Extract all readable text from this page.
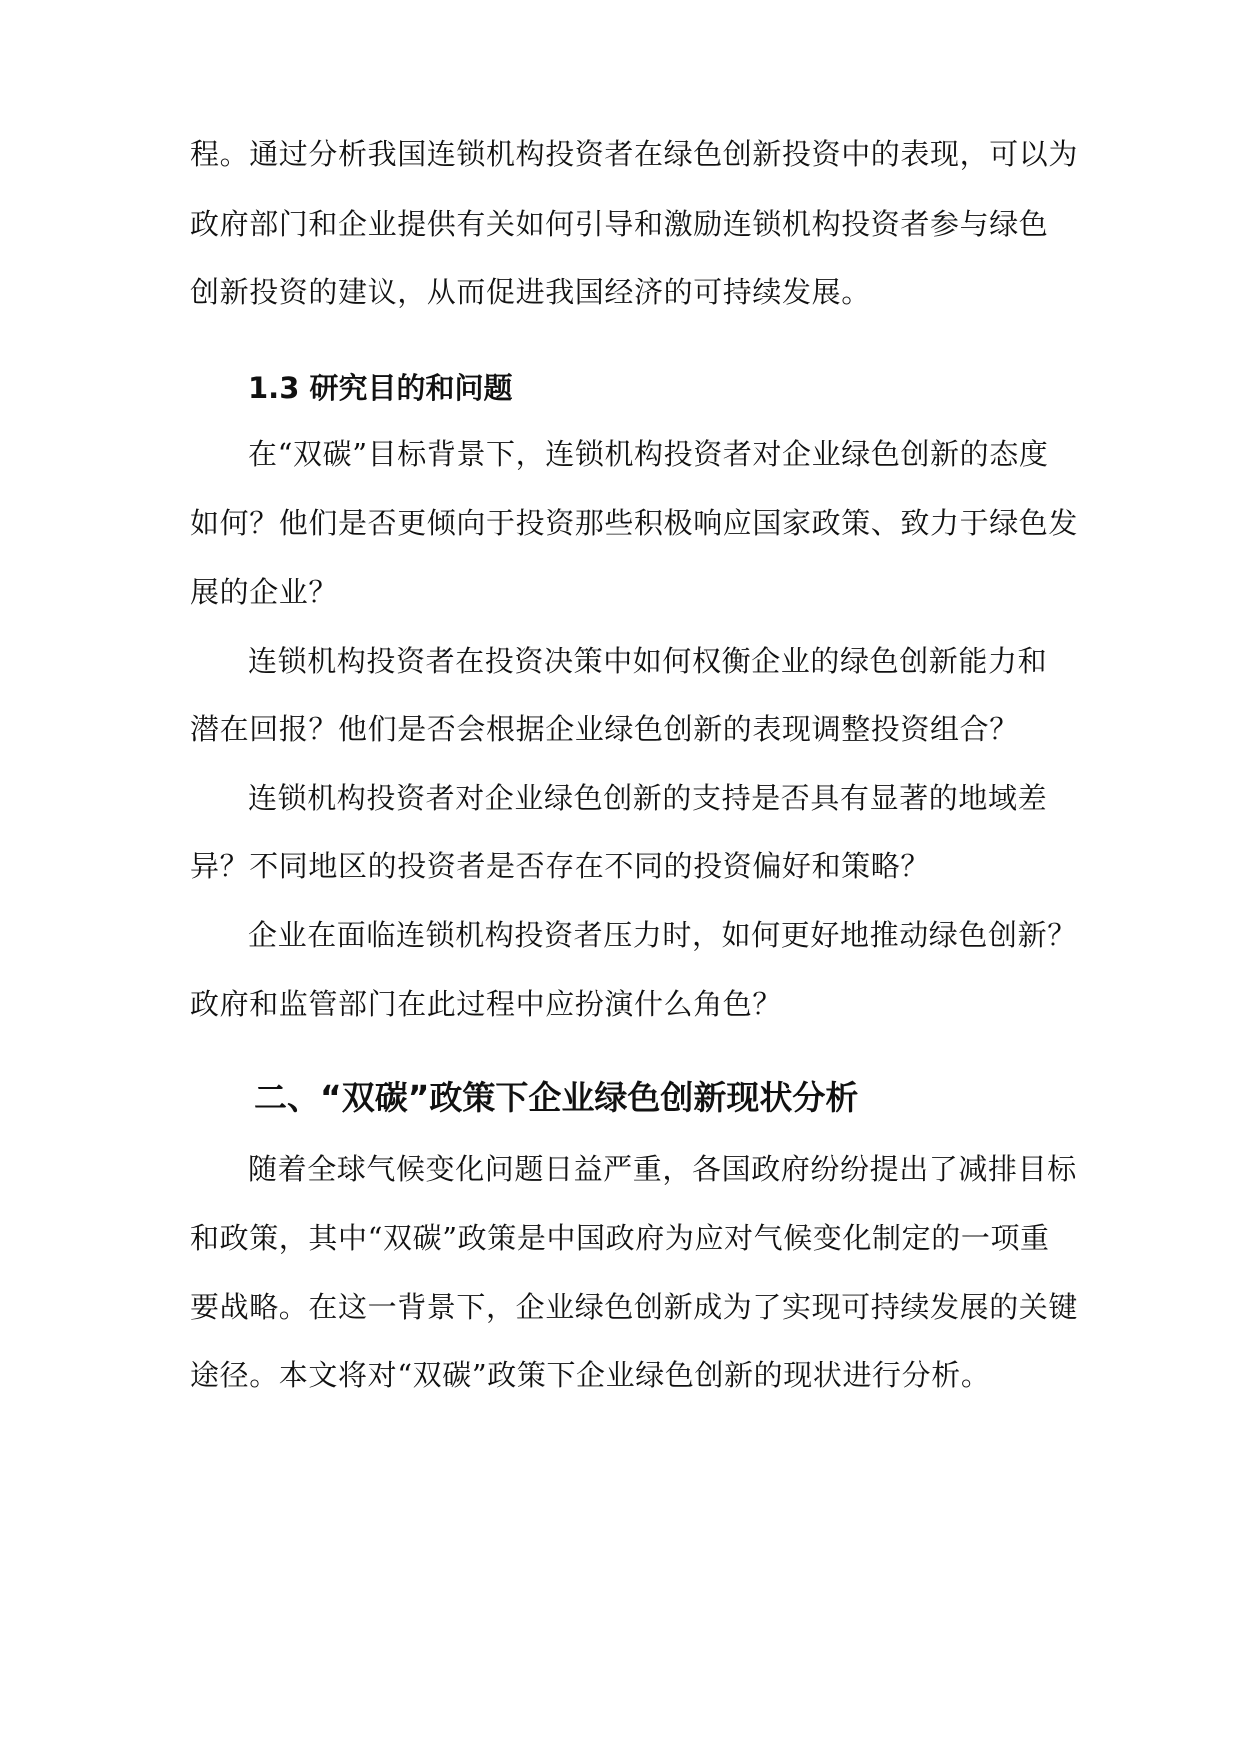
程。通过分析我国连锁机构投资者在绿色创新投资中的表现，可以为
政府部门和企业提供有关如何引导和激励连锁机构投资者参与绿色
创新投资的建议，从而促进我国经济的可持续发展。
1.3 研究目的和问题
在“双碳”目标背景下，连锁机构投资者对企业绿色创新的态度
如何？他们是否更倾向于投资那些积极响应国家政策、致力于绿色发
展的企业？
连锁机构投资者在投资决策中如何权衡企业的绿色创新能力和
潜在回报？他们是否会根据企业绿色创新的表现调整投资组合？
连锁机构投资者对企业绿色创新的支持是否具有显著的地域差
异？不同地区的投资者是否存在不同的投资偏好和策略？
企业在面临连锁机构投资者压力时，如何更好地推动绿色创新？
政府和监管部门在此过程中应扮演什么角色？
二、“双碳”政策下企业绿色创新现状分析
随着全球气候变化问题日益严重，各国政府纷纷提出了减排目标
和政策，其中“双碳”政策是中国政府为应对气候变化制定的一项重
要战略。在这一背景下，企业绿色创新成为了实现可持续发展的关键
途径。本文将对“双碳”政策下企业绿色创新的现状进行分析。
